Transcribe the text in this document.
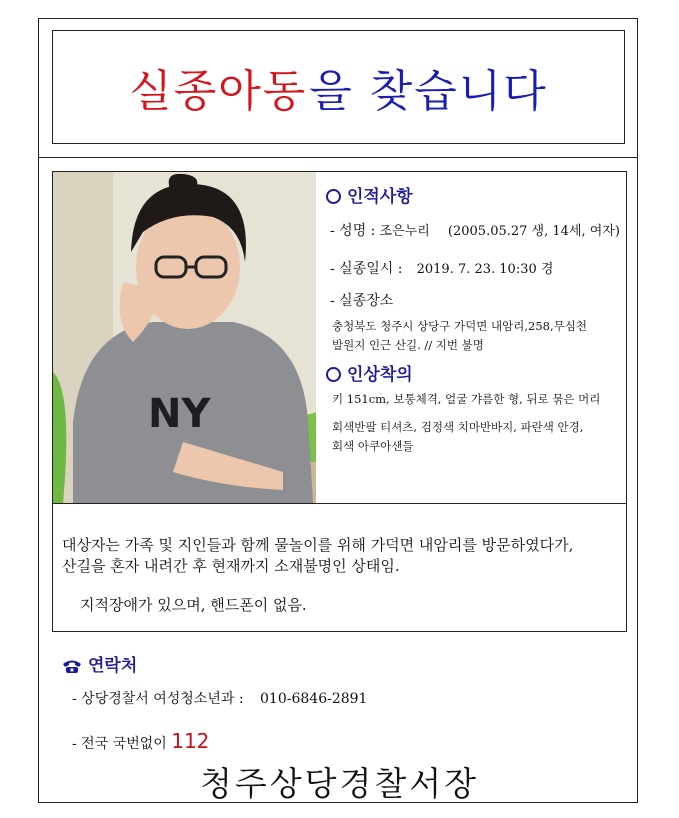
실종아동 을 찾습니다
NY
인적사항
- 성명 : 조은누리 (2005.05.27 생, 14세, 여자)
- 실종일시 : 2019. 7. 23. 10:30 경
- 실종장소
충청북도 청주시 상당구 가덕면 내암리,258,무심천
발원지 인근 산길. // 지번 불명
인상착의
키 151cm, 보통체격, 얼굴 갸름한 형, 뒤로 묶은 머리
회색반팔 티셔츠, 검정색 치마반바지, 파란색 안경,
회색 아쿠아샌들
대상자는 가족 및 지인들과 함께 물놀이를 위해 가덕면 내암리를 방문하였다가,
산길을 혼자 내려간 후 현재까지 소재불명인 상태임.
지적장애가 있으며, 핸드폰이 없음.
연락처
- 상당경찰서 여성청소년과 : 010-6846-2891
- 전국 국번없이 112
청주상당경찰서장
